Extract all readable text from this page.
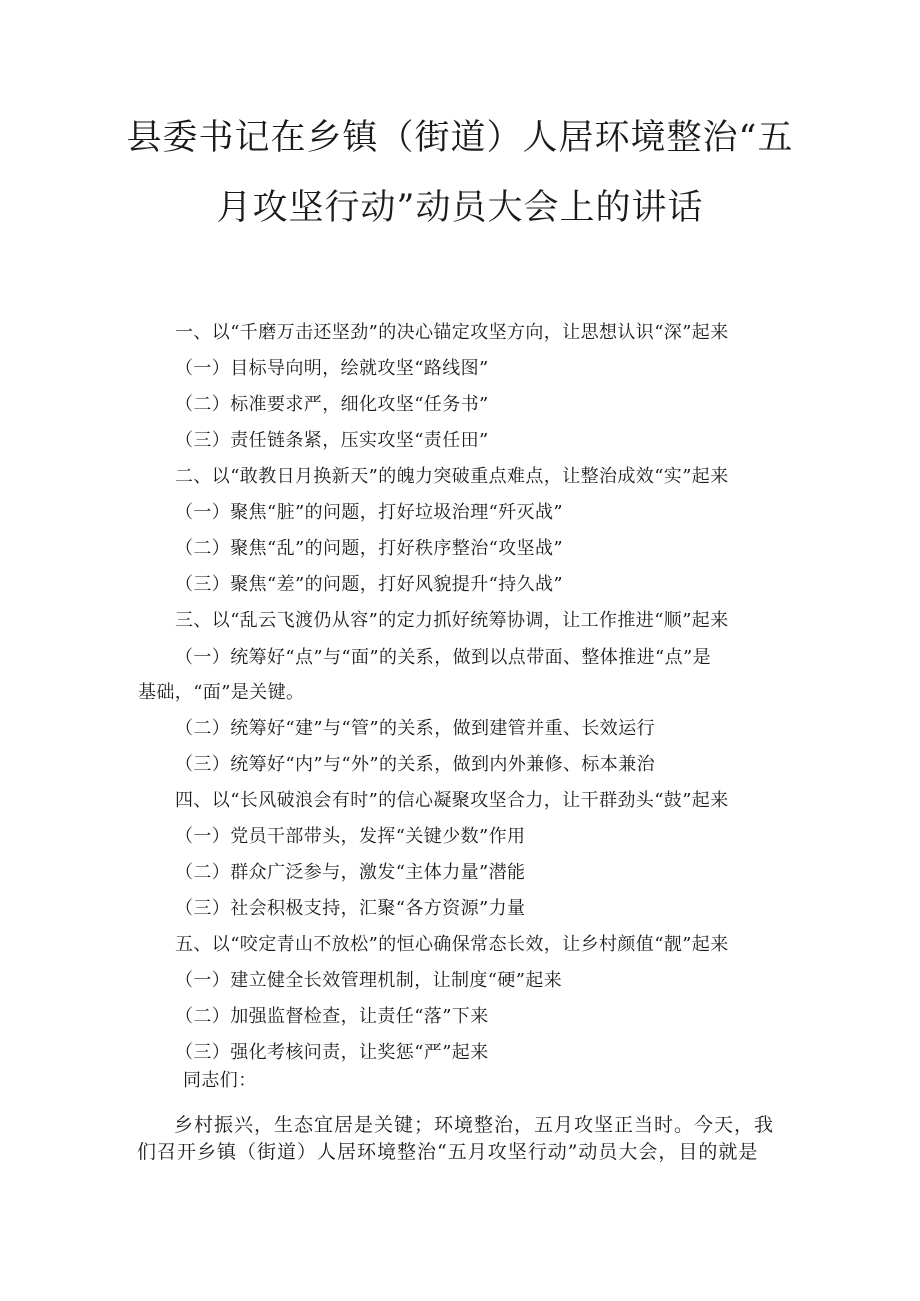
县委书记在乡镇（街道）人居环境整治“五
月攻坚行动”动员大会上的讲话
一、以“千磨万击还坚劲”的决心锚定攻坚方向，让思想认识“深”起来
（一）目标导向明，绘就攻坚“路线图”
（二）标准要求严，细化攻坚“任务书”
（三）责任链条紧，压实攻坚“责任田”
二、以“敢教日月换新天”的魄力突破重点难点，让整治成效“实”起来
（一）聚焦“脏”的问题，打好垃圾治理“歼灭战”
（二）聚焦“乱”的问题，打好秩序整治“攻坚战”
（三）聚焦“差”的问题，打好风貌提升“持久战”
三、以“乱云飞渡仍从容”的定力抓好统筹协调，让工作推进“顺”起来
（一）统筹好“点”与“面”的关系，做到以点带面、整体推进“点”是
基础，“面”是关键。
（二）统筹好“建”与“管”的关系，做到建管并重、长效运行
（三）统筹好“内”与“外”的关系，做到内外兼修、标本兼治
四、以“长风破浪会有时”的信心凝聚攻坚合力，让干群劲头“鼓”起来
（一）党员干部带头，发挥“关键少数”作用
（二）群众广泛参与，激发“主体力量”潜能
（三）社会积极支持，汇聚“各方资源”力量
五、以“咬定青山不放松”的恒心确保常态长效，让乡村颜值“靓”起来
（一）建立健全长效管理机制，让制度“硬”起来
（二）加强监督检查，让责任“落”下来
（三）强化考核问责，让奖惩“严”起来
同志们：
乡村振兴，生态宜居是关键；环境整治，五月攻坚正当时。今天，我
们召开乡镇（街道）人居环境整治“五月攻坚行动”动员大会，目的就是
